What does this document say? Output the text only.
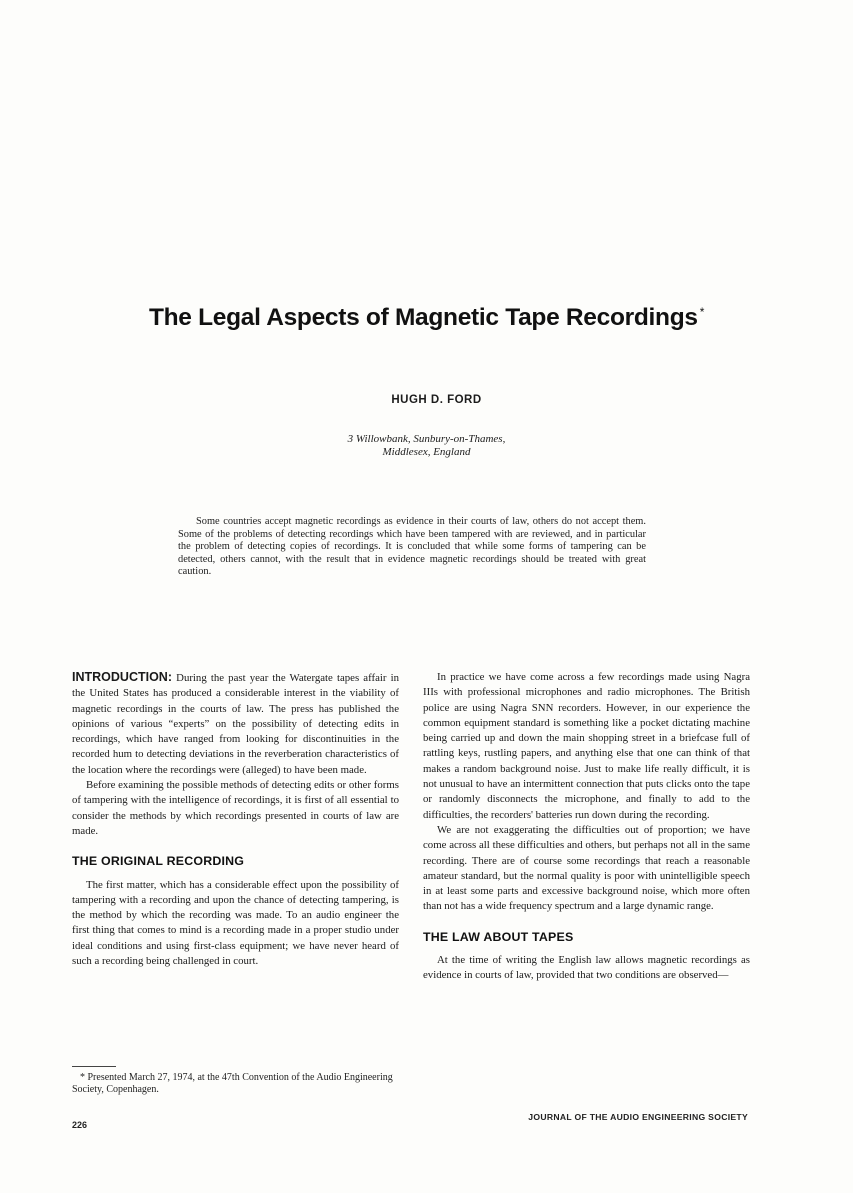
The Legal Aspects of Magnetic Tape Recordings *
HUGH D. FORD
3 Willowbank, Sunbury-on-Thames,
Middlesex, England
Some countries accept magnetic recordings as evidence in their courts of law, others do not accept them. Some of the problems of detecting recordings which have been tampered with are reviewed, and in particular the problem of detecting copies of recordings. It is concluded that while some forms of tampering can be detected, others cannot, with the result that in evidence magnetic recordings should be treated with great caution.

INTRODUCTION: During the past year the Watergate tapes affair in the United States has produced a considerable interest in the viability of magnetic recordings in the courts of law. The press has published the opinions of various “experts” on the possibility of detecting edits in recordings, which have ranged from looking for discontinuities in the recorded hum to detecting deviations in the reverberation characteristics of the location where the recordings were (alleged) to have been made.

Before examining the possible methods of detecting edits or other forms of tampering with the intelligence of recordings, it is first of all essential to consider the methods by which recordings presented in courts of law are made.

THE ORIGINAL RECORDING

The first matter, which has a considerable effect upon the possibility of tampering with a recording and upon the chance of detecting tampering, is the method by which the recording was made. To an audio engineer the first thing that comes to mind is a recording made in a proper studio under ideal conditions and using first-class equipment; we have never heard of such a recording being challenged in court.

In practice we have come across a few recordings made using Nagra IIIs with professional microphones and radio microphones. The British police are using Nagra SNN recorders. However, in our experience the common equipment standard is something like a pocket dictating machine being carried up and down the main shopping street in a briefcase full of rattling keys, rustling papers, and anything else that one can think of that makes a random background noise. Just to make life really difficult, it is not unusual to have an intermittent connection that puts clicks onto the tape or randomly disconnects the microphone, and finally to add to the difficulties, the recorders' batteries run down during the recording.

We are not exaggerating the difficulties out of proportion; we have come across all these difficulties and others, but perhaps not all in the same recording. There are of course some recordings that reach a reasonable amateur standard, but the normal quality is poor with unintelligible speech in at least some parts and excessive background noise, which more often than not has a wide frequency spectrum and a large dynamic range.

THE LAW ABOUT TAPES

At the time of writing the English law allows magnetic recordings as evidence in courts of law, provided that two conditions are observed—

* Presented March 27, 1974, at the 47th Convention of the Audio Engineering Society, Copenhagen.
226
JOURNAL OF THE AUDIO ENGINEERING SOCIETY
